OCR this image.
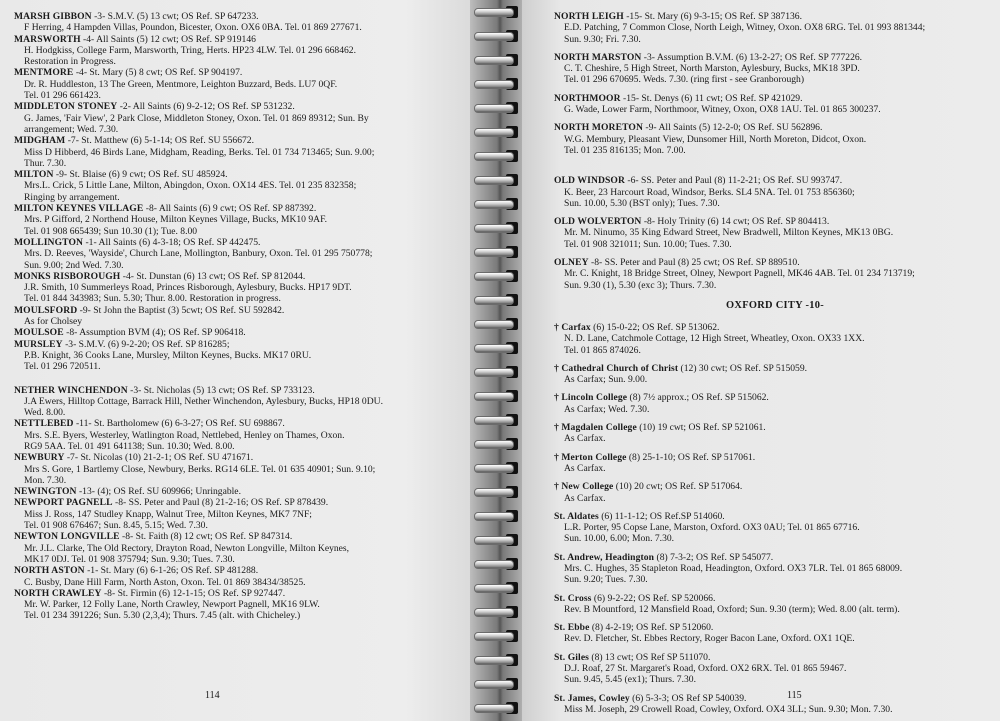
MARSH GIBBON -3- S.M.V. (5) 13 cwt; OS Ref. SP 647233.
F Herring, 4 Hampden Villas, Poundon, Bicester, Oxon. OX6 0BA. Tel. 01 869 277671.
MARSWORTH -4- All Saints (5) 12 cwt; OS Ref. SP 919146
H. Hodgkiss, College Farm, Marsworth, Tring, Herts. HP23 4LW. Tel. 01 296 668462.
Restoration in Progress.
MENTMORE -4- St. Mary (5) 8 cwt; OS Ref. SP 904197.
Dr. R. Huddleston, 13 The Green, Mentmore, Leighton Buzzard, Beds. LU7 0QF.
Tel. 01 296 661423.
MIDDLETON STONEY -2- All Saints (6) 9-2-12; OS Ref. SP 531232.
G. James, 'Fair View', 2 Park Close, Middleton Stoney, Oxon. Tel. 01 869 89312; Sun. By
arrangement; Wed. 7.30.
MIDGHAM -7- St. Matthew (6) 5-1-14; OS Ref. SU 556672.
Miss D Hibberd, 46 Birds Lane, Midgham, Reading, Berks. Tel. 01 734 713465; Sun. 9.00;
Thur. 7.30.
MILTON -9- St. Blaise (6) 9 cwt; OS Ref. SU 485924.
Mrs.L. Crick, 5 Little Lane, Milton, Abingdon, Oxon. OX14 4ES. Tel. 01 235 832358;
Ringing by arrangement.
MILTON KEYNES VILLAGE -8- All Saints (6) 9 cwt; OS Ref. SP 887392.
Mrs. P Gifford, 2 Northend House, Milton Keynes Village, Bucks, MK10 9AF.
Tel. 01 908 665439; Sun 10.30 (1); Tue. 8.00
MOLLINGTON -1- All Saints (6) 4-3-18; OS Ref. SP 442475.
Mrs. D. Reeves, 'Wayside', Church Lane, Mollington, Banbury, Oxon. Tel. 01 295 750778;
Sun. 9.00; 2nd Wed. 7.30.
MONKS RISBOROUGH -4- St. Dunstan (6) 13 cwt; OS Ref. SP 812044.
J.R. Smith, 10 Summerleys Road, Princes Risborough, Aylesbury, Bucks. HP17 9DT.
Tel. 01 844 343983; Sun. 5.30; Thur. 8.00. Restoration in progress.
MOULSFORD -9- St John the Baptist (3) 5cwt; OS Ref. SU 592842.
As for Cholsey
MOULSOE -8- Assumption BVM (4); OS Ref. SP 906418.
MURSLEY -3- S.M.V. (6) 9-2-20; OS Ref. SP 816285;
P.B. Knight, 36 Cooks Lane, Mursley, Milton Keynes, Bucks. MK17 0RU.
Tel. 01 296 720511.
NETHER WINCHENDON -3- St. Nicholas (5) 13 cwt; OS Ref. SP 733123.
J.A Ewers, Hilltop Cottage, Barrack Hill, Nether Winchendon, Aylesbury, Bucks, HP18 0DU.
Wed. 8.00.
NETTLEBED -11- St. Bartholomew (6) 6-3-27; OS Ref. SU 698867.
Mrs. S.E. Byers, Westerley, Watlington Road, Nettlebed, Henley on Thames, Oxon.
RG9 5AA. Tel. 01 491 641138; Sun. 10.30; Wed. 8.00.
NEWBURY -7- St. Nicolas (10) 21-2-1; OS Ref. SU 471671.
Mrs S. Gore, 1 Bartlemy Close, Newbury, Berks. RG14 6LE. Tel. 01 635 40901; Sun. 9.10;
Mon. 7.30.
NEWINGTON -13- (4); OS Ref. SU 609966; Unringable.
NEWPORT PAGNELL -8- SS. Peter and Paul (8) 21-2-16; OS Ref. SP 878439.
Miss J. Ross, 147 Studley Knapp, Walnut Tree, Milton Keynes, MK7 7NF;
Tel. 01 908 676467; Sun. 8.45, 5.15; Wed. 7.30.
NEWTON LONGVILLE -8- St. Faith (8) 12 cwt; OS Ref. SP 847314.
Mr. J.L. Clarke, The Old Rectory, Drayton Road, Newton Longville, Milton Keynes,
MK17 0DJ. Tel. 01 908 375794; Sun. 9.30; Tues. 7.30.
NORTH ASTON -1- St. Mary (6) 6-1-26; OS Ref. SP 481288.
C. Busby, Dane Hill Farm, North Aston, Oxon. Tel. 01 869 38434/38525.
NORTH CRAWLEY -8- St. Firmin (6) 12-1-15; OS Ref. SP 927447.
Mr. W. Parker, 12 Folly Lane, North Crawley, Newport Pagnell, MK16 9LW.
Tel. 01 234 391226; Sun. 5.30 (2,3,4); Thurs. 7.45 (alt. with Chicheley.)
114
NORTH LEIGH -15- St. Mary (6) 9-3-15; OS Ref. SP 387136.
E.D. Patching, 7 Common Close, North Leigh, Witney, Oxon. OX8 6RG. Tel. 01 993 881344;
Sun. 9.30; Fri. 7.30.
NORTH MARSTON -3- Assumption B.V.M. (6) 13-2-27; OS Ref. SP 777226.
C. T. Cheshire, 5 High Street, North Marston, Aylesbury, Bucks, MK18 3PD.
Tel. 01 296 670695. Weds. 7.30. (ring first - see Granborough)
NORTHMOOR -15- St. Denys (6) 11 cwt; OS Ref. SP 421029.
G. Wade, Lower Farm, Northmoor, Witney, Oxon, OX8 1AU. Tel. 01 865 300237.
NORTH MORETON -9- All Saints (5) 12-2-0; OS Ref. SU 562896.
W.G. Membury, Pleasant View, Dunsomer Hill, North Moreton, Didcot, Oxon.
Tel. 01 235 816135; Mon. 7.00.
OLD WINDSOR -6- SS. Peter and Paul (8) 11-2-21; OS Ref. SU 993747.
K. Beer, 23 Harcourt Road, Windsor, Berks. SL4 5NA. Tel. 01 753 856360;
Sun. 10.00, 5.30 (BST only); Tues. 7.30.
OLD WOLVERTON -8- Holy Trinity (6) 14 cwt; OS Ref. SP 804413.
Mr. M. Ninumo, 35 King Edward Street, New Bradwell, Milton Keynes, MK13 0BG.
Tel. 01 908 321011; Sun. 10.00; Tues. 7.30.
OLNEY -8- SS. Peter and Paul (8) 25 cwt; OS Ref. SP 889510.
Mr. C. Knight, 18 Bridge Street, Olney, Newport Pagnell, MK46 4AB. Tel. 01 234 713719;
Sun. 9.30 (1), 5.30 (exc 3); Thurs. 7.30.
OXFORD CITY -10-
† Carfax (6) 15-0-22; OS Ref. SP 513062.
N. D. Lane, Catchmole Cottage, 12 High Street, Wheatley, Oxon. OX33 1XX.
Tel. 01 865 874026.
† Cathedral Church of Christ (12) 30 cwt; OS Ref. SP 515059.
As Carfax; Sun. 9.00.
† Lincoln College (8) 7½ approx.; OS Ref. SP 515062.
As Carfax; Wed. 7.30.
† Magdalen College (10) 19 cwt; OS Ref. SP 521061.
As Carfax.
† Merton College (8) 25-1-10; OS Ref. SP 517061.
As Carfax.
† New College (10) 20 cwt; OS Ref. SP 517064.
As Carfax.
St. Aldates (6) 11-1-12; OS Ref.SP 514060.
L.R. Porter, 95 Copse Lane, Marston, Oxford. OX3 0AU; Tel. 01 865 67716.
Sun. 10.00, 6.00; Mon. 7.30.
St. Andrew, Headington (8) 7-3-2; OS Ref. SP 545077.
Mrs. C. Hughes, 35 Stapleton Road, Headington, Oxford. OX3 7LR. Tel. 01 865 68009.
Sun. 9.20; Tues. 7.30.
St. Cross (6) 9-2-22; OS Ref. SP 520066.
Rev. B Mountford, 12 Mansfield Road, Oxford; Sun. 9.30 (term); Wed. 8.00 (alt. term).
St. Ebbe (8) 4-2-19; OS Ref. SP 512060.
Rev. D. Fletcher, St. Ebbes Rectory, Roger Bacon Lane, Oxford. OX1 1QE.
St. Giles (8) 13 cwt; OS Ref SP 511070.
D.J. Roaf, 27 St. Margaret's Road, Oxford. OX2 6RX. Tel. 01 865 59467.
Sun. 9.45, 5.45 (ex1); Thurs. 7.30.
St. James, Cowley (6) 5-3-3; OS Ref SP 540039.
Miss M. Joseph, 29 Crowell Road, Cowley, Oxford. OX4 3LL; Sun. 9.30; Mon. 7.30.
115
